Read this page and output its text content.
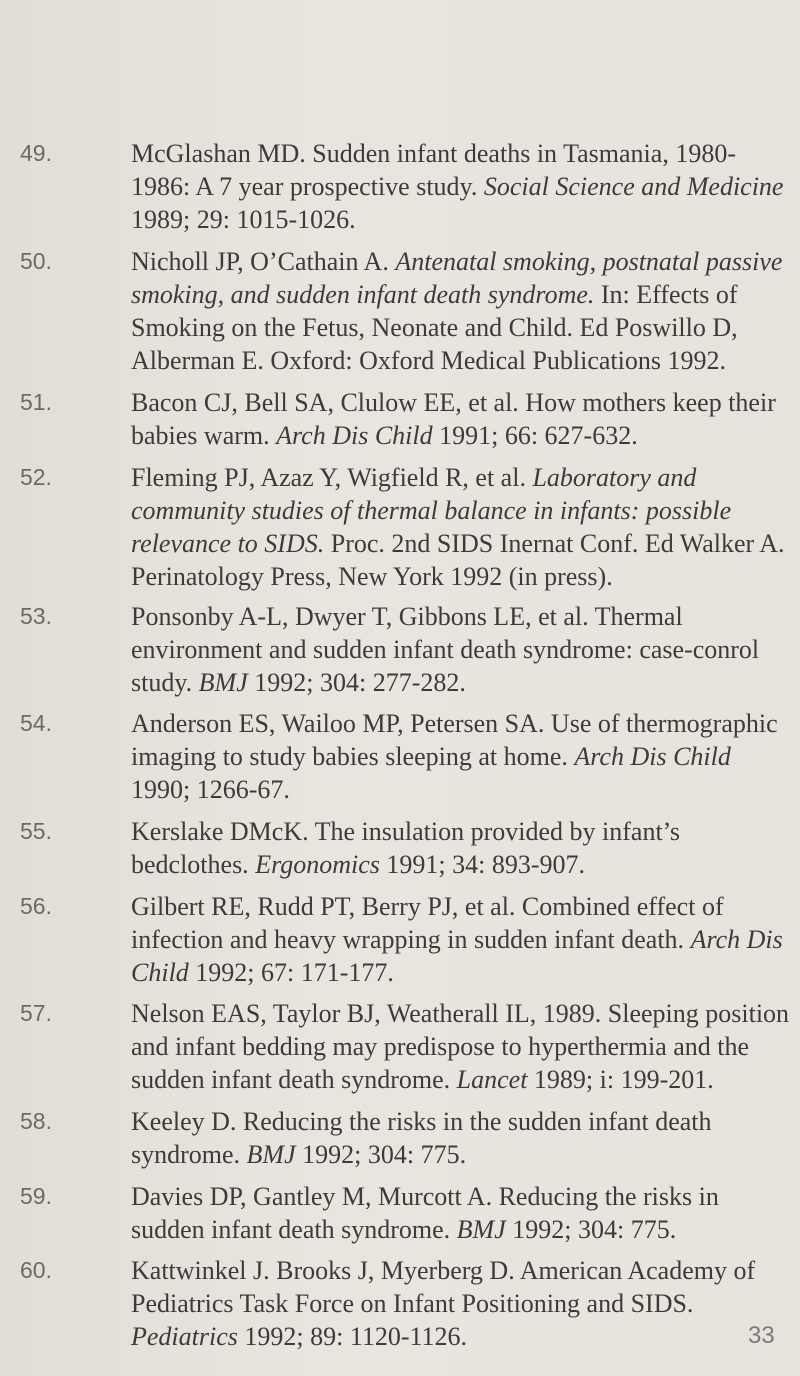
49.	McGlashan MD. Sudden infant deaths in Tasmania, 1980-1986: A 7 year prospective study. Social Science and Medicine 1989; 29: 1015-1026.
50.	Nicholl JP, O’Cathain A. Antenatal smoking, postnatal passive smoking, and sudden infant death syndrome. In: Effects of Smoking on the Fetus, Neonate and Child. Ed Poswillo D, Alberman E. Oxford: Oxford Medical Publications 1992.
51.	Bacon CJ, Bell SA, Clulow EE, et al. How mothers keep their babies warm. Arch Dis Child 1991; 66: 627-632.
52.	Fleming PJ, Azaz Y, Wigfield R, et al. Laboratory and community studies of thermal balance in infants: possible relevance to SIDS. Proc. 2nd SIDS Inernat Conf. Ed Walker A. Perinatology Press, New York 1992 (in press).
53.	Ponsonby A-L, Dwyer T, Gibbons LE, et al. Thermal environment and sudden infant death syndrome: case-conrol study. BMJ 1992; 304: 277-282.
54.	Anderson ES, Wailoo MP, Petersen SA. Use of thermographic imaging to study babies sleeping at home. Arch Dis Child 1990; 1266-67.
55.	Kerslake DMcK. The insulation provided by infant’s bedclothes. Ergonomics 1991; 34: 893-907.
56.	Gilbert RE, Rudd PT, Berry PJ, et al. Combined effect of infection and heavy wrapping in sudden infant death. Arch Dis Child 1992; 67: 171-177.
57.	Nelson EAS, Taylor BJ, Weatherall IL, 1989. Sleeping position and infant bedding may predispose to hyperthermia and the sudden infant death syndrome. Lancet 1989; i: 199-201.
58.	Keeley D. Reducing the risks in the sudden infant death syndrome. BMJ 1992; 304: 775.
59.	Davies DP, Gantley M, Murcott A. Reducing the risks in sudden infant death syndrome. BMJ 1992; 304: 775.
60.	Kattwinkel J. Brooks J, Myerberg D. American Academy of Pediatrics Task Force on Infant Positioning and SIDS. Pediatrics 1992; 89: 1120-1126.	33
